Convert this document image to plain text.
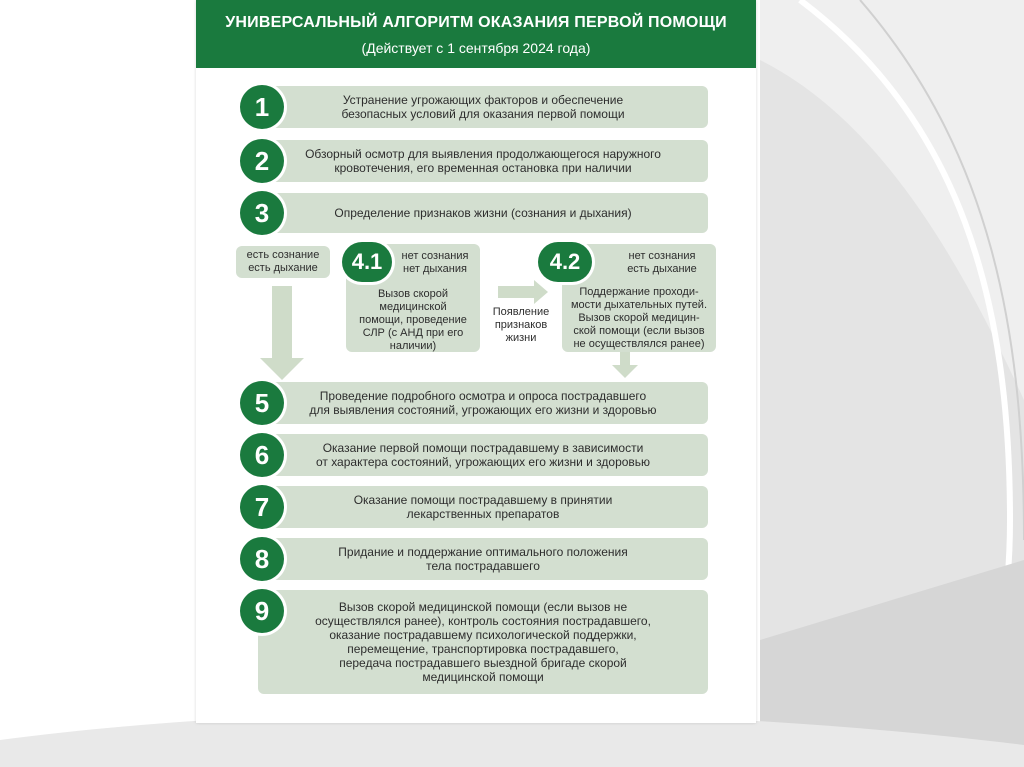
УНИВЕРСАЛЬНЫЙ АЛГОРИТМ ОКАЗАНИЯ ПЕРВОЙ ПОМОЩИ
(Действует с 1 сентября 2024 года)
Устранение угрожающих факторов и обеспечение
безопасных условий для оказания первой помощи
1
Обзорный осмотр для выявления продолжающегося наружного
кровотечения, его временная остановка при наличии
2
Определение признаков жизни (сознания и дыхания)
3
есть сознание
есть дыхание
нет сознания
нет дыхания
Вызов скорой
медицинской
помощи, проведение
СЛР (с АНД при его
наличии)
4.1
Появление
признаков
жизни
нет сознания
есть дыхание
Поддержание проходи-
мости дыхательных путей.
Вызов скорой медицин-
ской помощи (если вызов
не осуществлялся ранее)
4.2
Проведение подробного осмотра и опроса пострадавшего
для выявления состояний, угрожающих его жизни и здоровью
5
Оказание первой помощи пострадавшему в зависимости
от характера состояний, угрожающих его жизни и здоровью
6
Оказание помощи пострадавшему в принятии
лекарственных препаратов
7
Придание и поддержание оптимального положения
тела пострадавшего
8
Вызов скорой медицинской помощи (если вызов не
осуществлялся ранее), контроль состояния пострадавшего,
оказание пострадавшему психологической поддержки,
перемещение, транспортировка пострадавшего,
передача пострадавшего выездной бригаде скорой
медицинской помощи
9
